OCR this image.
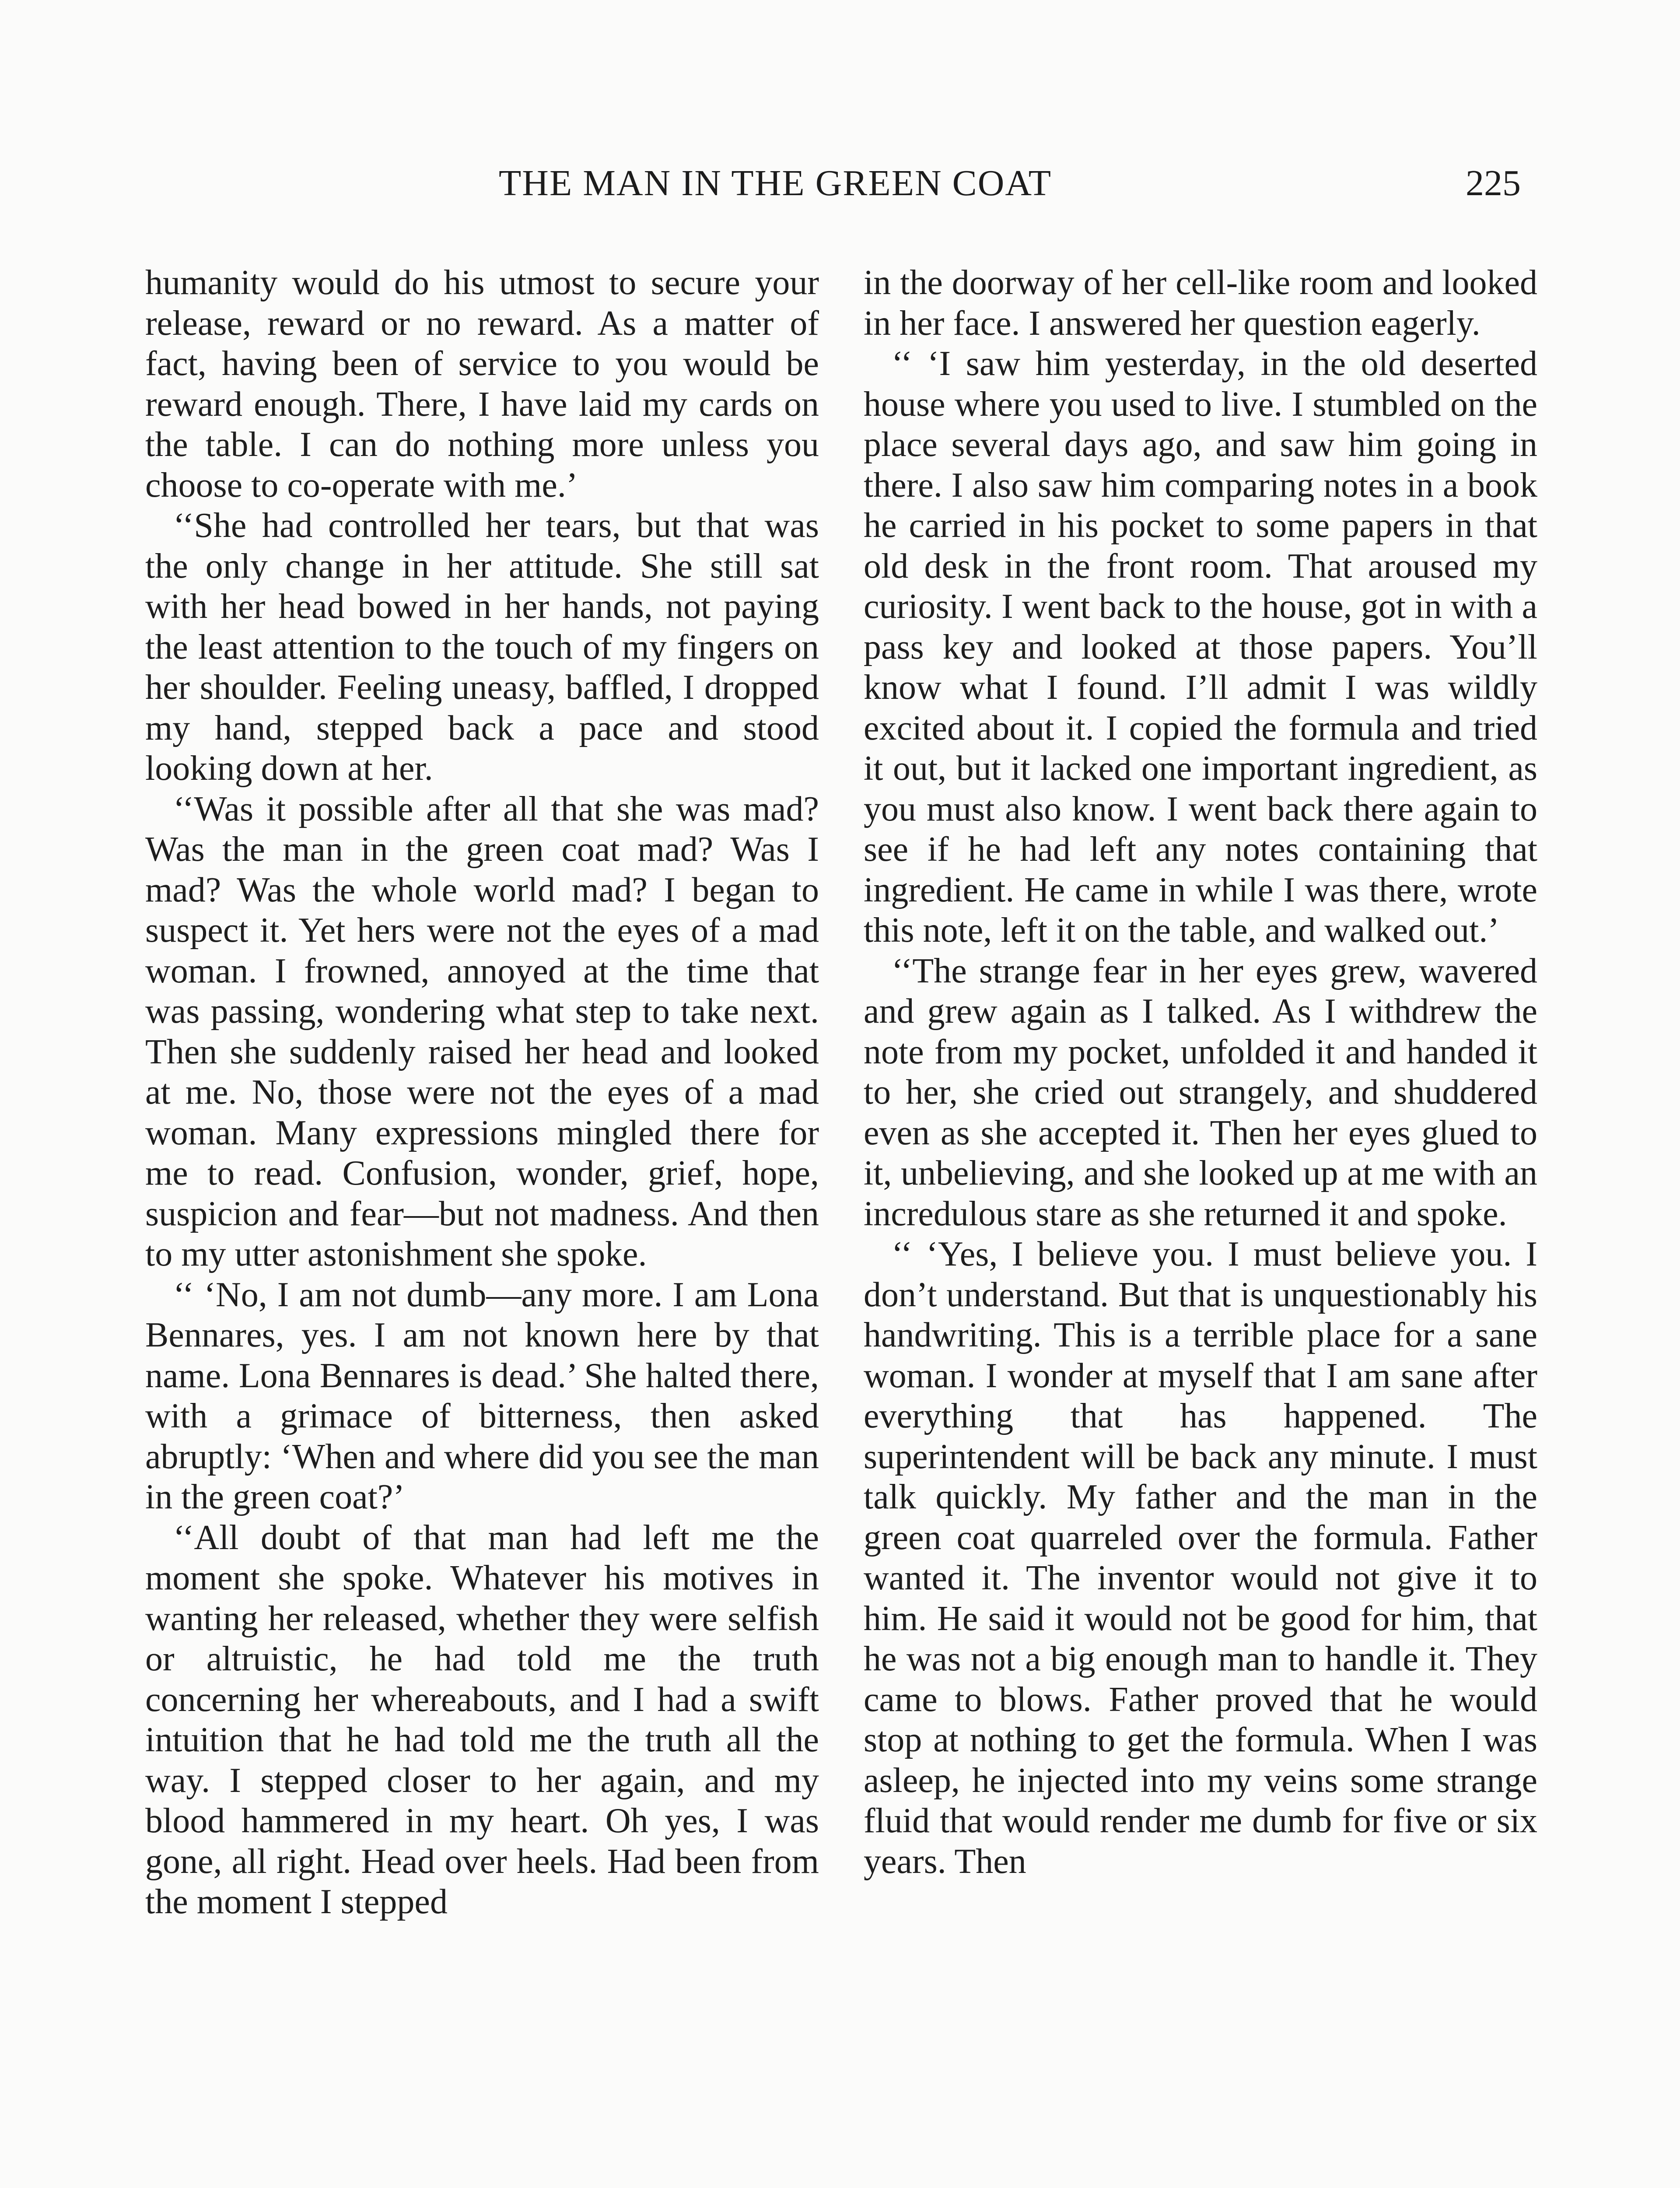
THE MAN IN THE GREEN COAT	225

humanity would do his utmost to secure your release, reward or no reward. As a matter of fact, having been of service to you would be reward enough. There, I have laid my cards on the table. I can do nothing more unless you choose to co-operate with me.’

‘‘She had controlled her tears, but that was the only change in her attitude. She still sat with her head bowed in her hands, not paying the least attention to the touch of my fingers on her shoulder. Feeling uneasy, baffled, I dropped my hand, stepped back a pace and stood looking down at her.

‘‘Was it possible after all that she was mad? Was the man in the green coat mad? Was I mad? Was the whole world mad? I began to suspect it. Yet hers were not the eyes of a mad woman. I frowned, annoyed at the time that was passing, wondering what step to take next. Then she suddenly raised her head and looked at me. No, those were not the eyes of a mad woman. Many expressions mingled there for me to read. Confusion, wonder, grief, hope, suspicion and fear—but not madness. And then to my utter astonishment she spoke.

‘‘ ‘No, I am not dumb—any more. I am Lona Bennares, yes. I am not known here by that name. Lona Bennares is dead.’ She halted there, with a grimace of bitterness, then asked abruptly: ‘When and where did you see the man in the green coat?’

‘‘All doubt of that man had left me the moment she spoke. Whatever his motives in wanting her released, whether they were selfish or altruistic, he had told me the truth concerning her whereabouts, and I had a swift intuition that he had told me the truth all the way. I stepped closer to her again, and my blood hammered in my heart. Oh yes, I was gone, all right. Head over heels. Had been from the moment I stepped

in the doorway of her cell-like room and looked in her face. I answered her question eagerly.

‘‘ ‘I saw him yesterday, in the old deserted house where you used to live. I stumbled on the place several days ago, and saw him going in there. I also saw him comparing notes in a book he carried in his pocket to some papers in that old desk in the front room. That aroused my curiosity. I went back to the house, got in with a pass key and looked at those papers. You’ll know what I found. I’ll admit I was wildly excited about it. I copied the formula and tried it out, but it lacked one important ingredient, as you must also know. I went back there again to see if he had left any notes containing that ingredient. He came in while I was there, wrote this note, left it on the table, and walked out.’

‘‘The strange fear in her eyes grew, wavered and grew again as I talked. As I withdrew the note from my pocket, unfolded it and handed it to her, she cried out strangely, and shuddered even as she accepted it. Then her eyes glued to it, unbelieving, and she looked up at me with an incredulous stare as she returned it and spoke.

‘‘ ‘Yes, I believe you. I must believe you. I don’t understand. But that is unquestionably his handwriting. This is a terrible place for a sane woman. I wonder at myself that I am sane after everything that has happened. The superintendent will be back any minute. I must talk quickly. My father and the man in the green coat quarreled over the formula. Father wanted it. The inventor would not give it to him. He said it would not be good for him, that he was not a big enough man to handle it. They came to blows. Father proved that he would stop at nothing to get the formula. When I was asleep, he injected into my veins some strange fluid that would render me dumb for five or six years. Then
